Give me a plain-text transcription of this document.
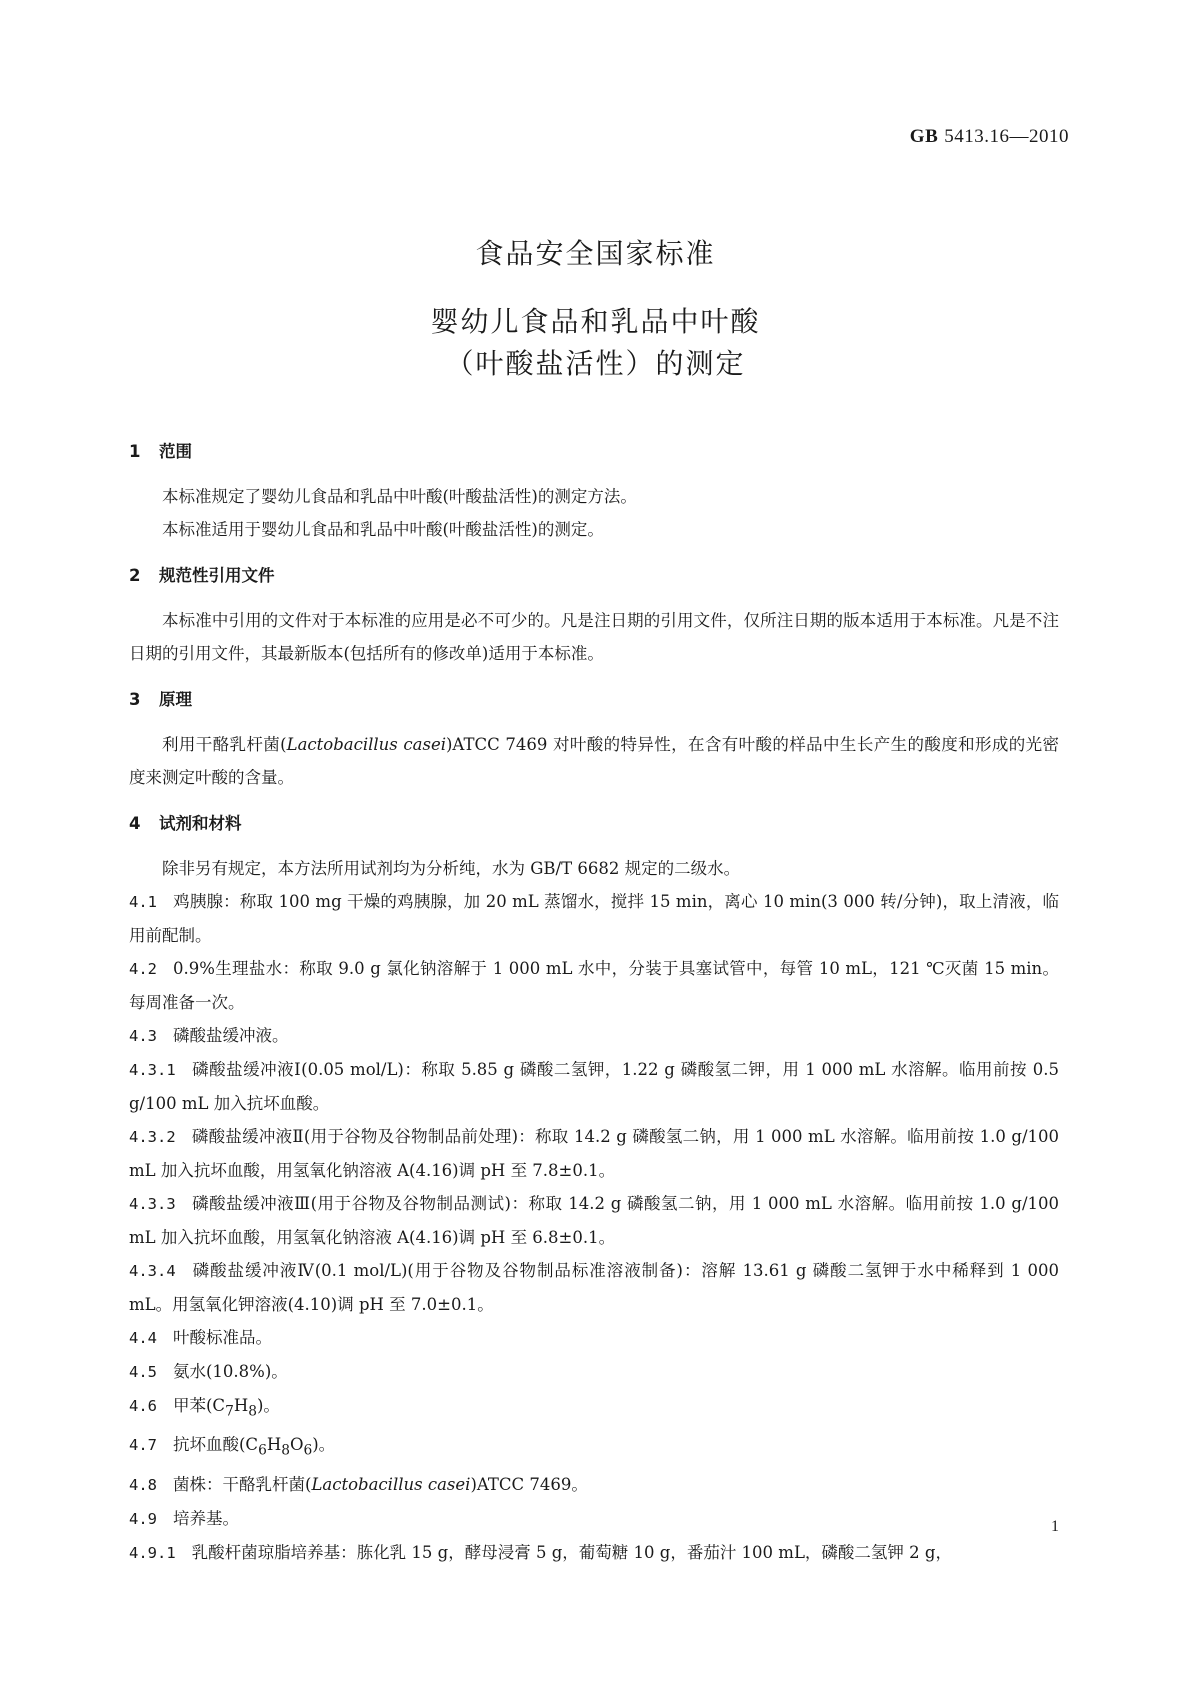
GB 5413.16—2010
食品安全国家标准
婴幼儿食品和乳品中叶酸
（叶酸盐活性）的测定
1 范围

本标准规定了婴幼儿食品和乳品中叶酸(叶酸盐活性)的测定方法。

本标准适用于婴幼儿食品和乳品中叶酸(叶酸盐活性)的测定。

2 规范性引用文件

本标准中引用的文件对于本标准的应用是必不可少的。凡是注日期的引用文件，仅所注日期的版本适用于本标准。凡是不注日期的引用文件，其最新版本(包括所有的修改单)适用于本标准。

3 原理

利用干酪乳杆菌(Lactobacillus casei)ATCC 7469 对叶酸的特异性，在含有叶酸的样品中生长产生的酸度和形成的光密度来测定叶酸的含量。

4 试剂和材料

除非另有规定，本方法所用试剂均为分析纯，水为 GB/T 6682 规定的二级水。

4.1 鸡胰腺：称取 100 mg 干燥的鸡胰腺，加 20 mL 蒸馏水，搅拌 15 min，离心 10 min(3 000 转/分钟)，取上清液，临用前配制。

4.2 0.9%生理盐水：称取 9.0 g 氯化钠溶解于 1 000 mL 水中，分装于具塞试管中，每管 10 mL，121 ℃灭菌 15 min。每周准备一次。

4.3 磷酸盐缓冲液。

4.3.1 磷酸盐缓冲液Ⅰ(0.05 mol/L)：称取 5.85 g 磷酸二氢钾，1.22 g 磷酸氢二钾，用 1 000 mL 水溶解。临用前按 0.5 g/100 mL 加入抗坏血酸。

4.3.2 磷酸盐缓冲液Ⅱ(用于谷物及谷物制品前处理)：称取 14.2 g 磷酸氢二钠，用 1 000 mL 水溶解。临用前按 1.0 g/100 mL 加入抗坏血酸，用氢氧化钠溶液 A(4.16)调 pH 至 7.8±0.1。

4.3.3 磷酸盐缓冲液Ⅲ(用于谷物及谷物制品测试)：称取 14.2 g 磷酸氢二钠，用 1 000 mL 水溶解。临用前按 1.0 g/100 mL 加入抗坏血酸，用氢氧化钠溶液 A(4.16)调 pH 至 6.8±0.1。

4.3.4 磷酸盐缓冲液Ⅳ(0.1 mol/L)(用于谷物及谷物制品标准溶液制备)：溶解 13.61 g 磷酸二氢钾于水中稀释到 1 000 mL。用氢氧化钾溶液(4.10)调 pH 至 7.0±0.1。

4.4 叶酸标准品。

4.5 氨水(10.8%)。

4.6 甲苯$(C_7H_8)$。

4.7 抗坏血酸$(C_6H_8O_6)$。

4.8 菌株：干酪乳杆菌(Lactobacillus casei)ATCC 7469。

4.9 培养基。

4.9.1 乳酸杆菌琼脂培养基：胨化乳 15 g，酵母浸膏 5 g，葡萄糖 10 g，番茄汁 100 mL，磷酸二氢钾 2 g，

1
